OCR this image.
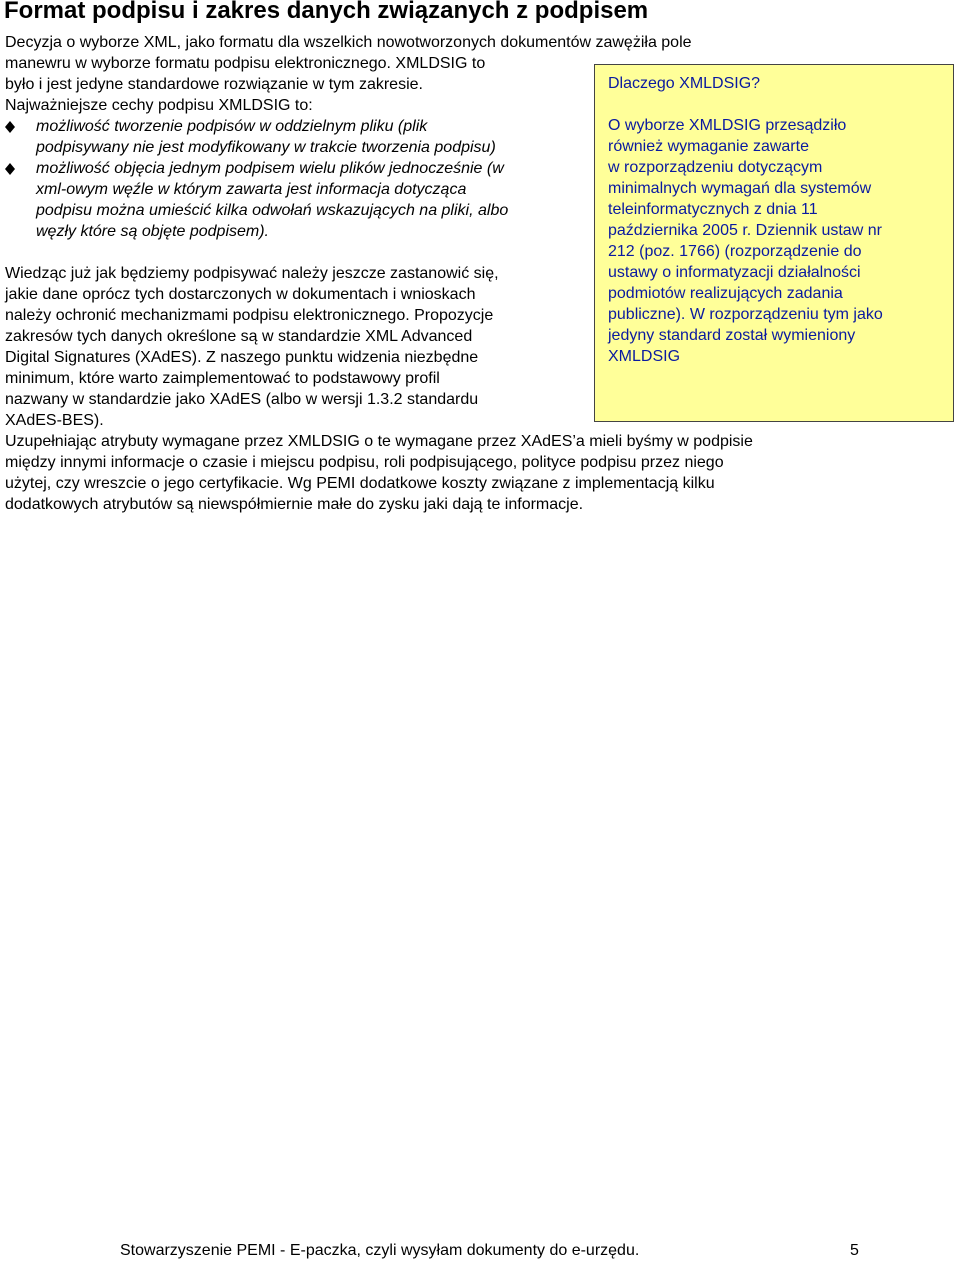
Format podpisu i zakres danych związanych z podpisem
Decyzja o wyborze XML, jako formatu dla wszelkich nowotworzonych dokumentów zawężiła pole
manewru w wyborze formatu podpisu elektronicznego. XMLDSIG to
było i jest jedyne standardowe rozwiązanie w tym zakresie.
Najważniejsze cechy podpisu XMLDSIG to:
możliwość tworzenie podpisów w oddzielnym pliku (plik
podpisywany nie jest modyfikowany w trakcie tworzenia podpisu)
możliwość objęcia jednym podpisem wielu plików jednocześnie (w
xml-owym węźle w którym zawarta jest informacja dotycząca
podpisu można umieścić kilka odwołań wskazujących na pliki, albo
węzły które są objęte podpisem).
Wiedząc już jak będziemy podpisywać należy jeszcze zastanowić się,
jakie dane oprócz tych dostarczonych w dokumentach i wnioskach
należy ochronić mechanizmami podpisu elektronicznego. Propozycje
zakresów tych danych określone są w standardzie XML Advanced
Digital Signatures (XAdES). Z naszego punktu widzenia niezbędne
minimum, które warto zaimplementować to podstawowy profil
nazwany w standardzie jako XAdES (albo w wersji 1.3.2 standardu
XAdES-BES).
Uzupełniając atrybuty wymagane przez XMLDSIG o te wymagane przez XAdES’a mieli byśmy w podpisie
między innymi informacje o czasie i miejscu podpisu, roli podpisującego, polityce podpisu przez niego
użytej, czy wreszcie o jego certyfikacie. Wg PEMI dodatkowe koszty związane z implementacją kilku
dodatkowych atrybutów są niewspółmiernie małe do zysku jaki dają te informacje.
Dlaczego XMLDSIG?
O wyborze XMLDSIG przesądziło
również wymaganie zawarte
w rozporządzeniu dotyczącym
minimalnych wymagań dla systemów
teleinformatycznych z dnia 11
października 2005 r. Dziennik ustaw nr
212 (poz. 1766) (rozporządzenie do
ustawy o informatyzacji działalności
podmiotów realizujących zadania
publiczne). W rozporządzeniu tym jako
jedyny standard został wymieniony
XMLDSIG
Stowarzyszenie PEMI - E-paczka, czyli wysyłam dokumenty do e-urzędu.	5
